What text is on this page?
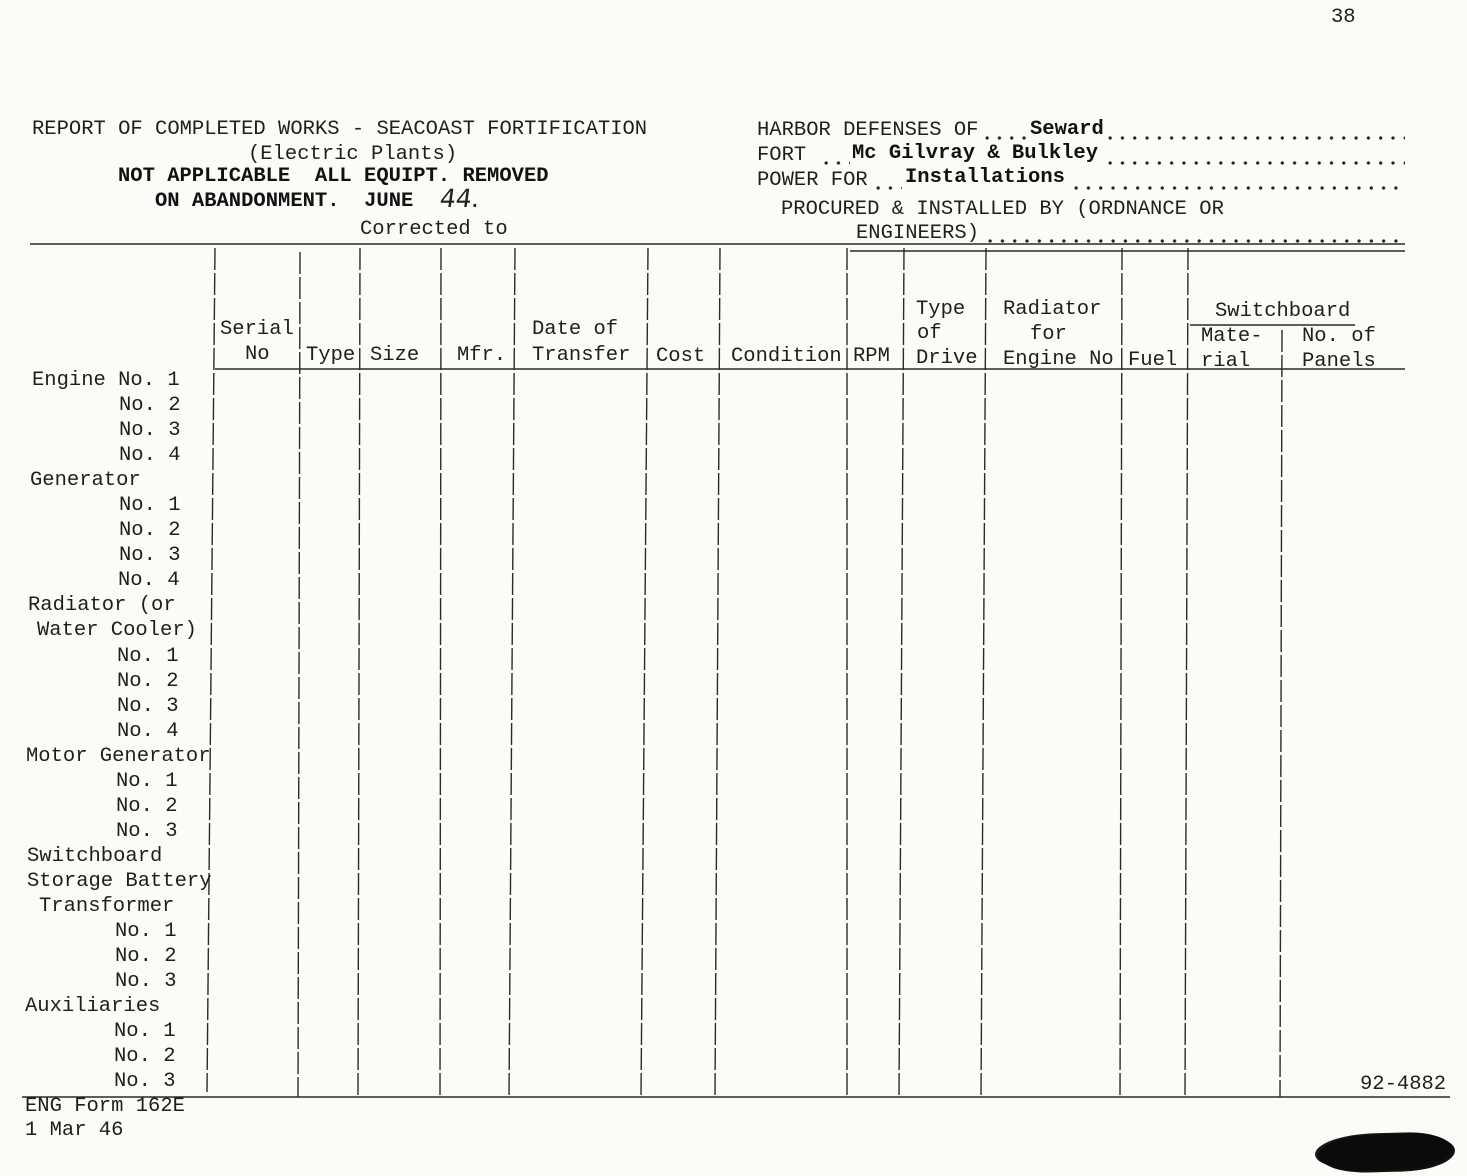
38
REPORT OF COMPLETED WORKS - SEACOAST FORTIFICATION
(Electric Plants)
NOT APPLICABLE  ALL EQUIPT. REMOVED
ON ABANDONMENT.  JUNE 44.
Corrected to
HARBOR DEFENSES OF	Seward
FORT Mc Gilvray & Bulkley
POWER FOR Installations
PROCURED & INSTALLED BY (ORDNANCE OR
ENGINEERS)
Serial
No Type Size Mfr.
Date of
Transfer Cost Condition RPM
Type
of
Drive
Radiator
for
Engine No Fuel
Switchboard
Mate-
rial
No. of
Panels
Engine No. 1
No. 2
No. 3
No. 4
Generator
No. 1
No. 2
No. 3
No. 4
Radiator (or
Water Cooler)
No. 1
No. 2
No. 3
No. 4
Motor Generator
No. 1
No. 2
No. 3
Switchboard
Storage Battery
Transformer
No. 1
No. 2
No. 3
Auxiliaries
No. 1
No. 2
No. 3	92-4882
ENG Form 162E
1 Mar 46
